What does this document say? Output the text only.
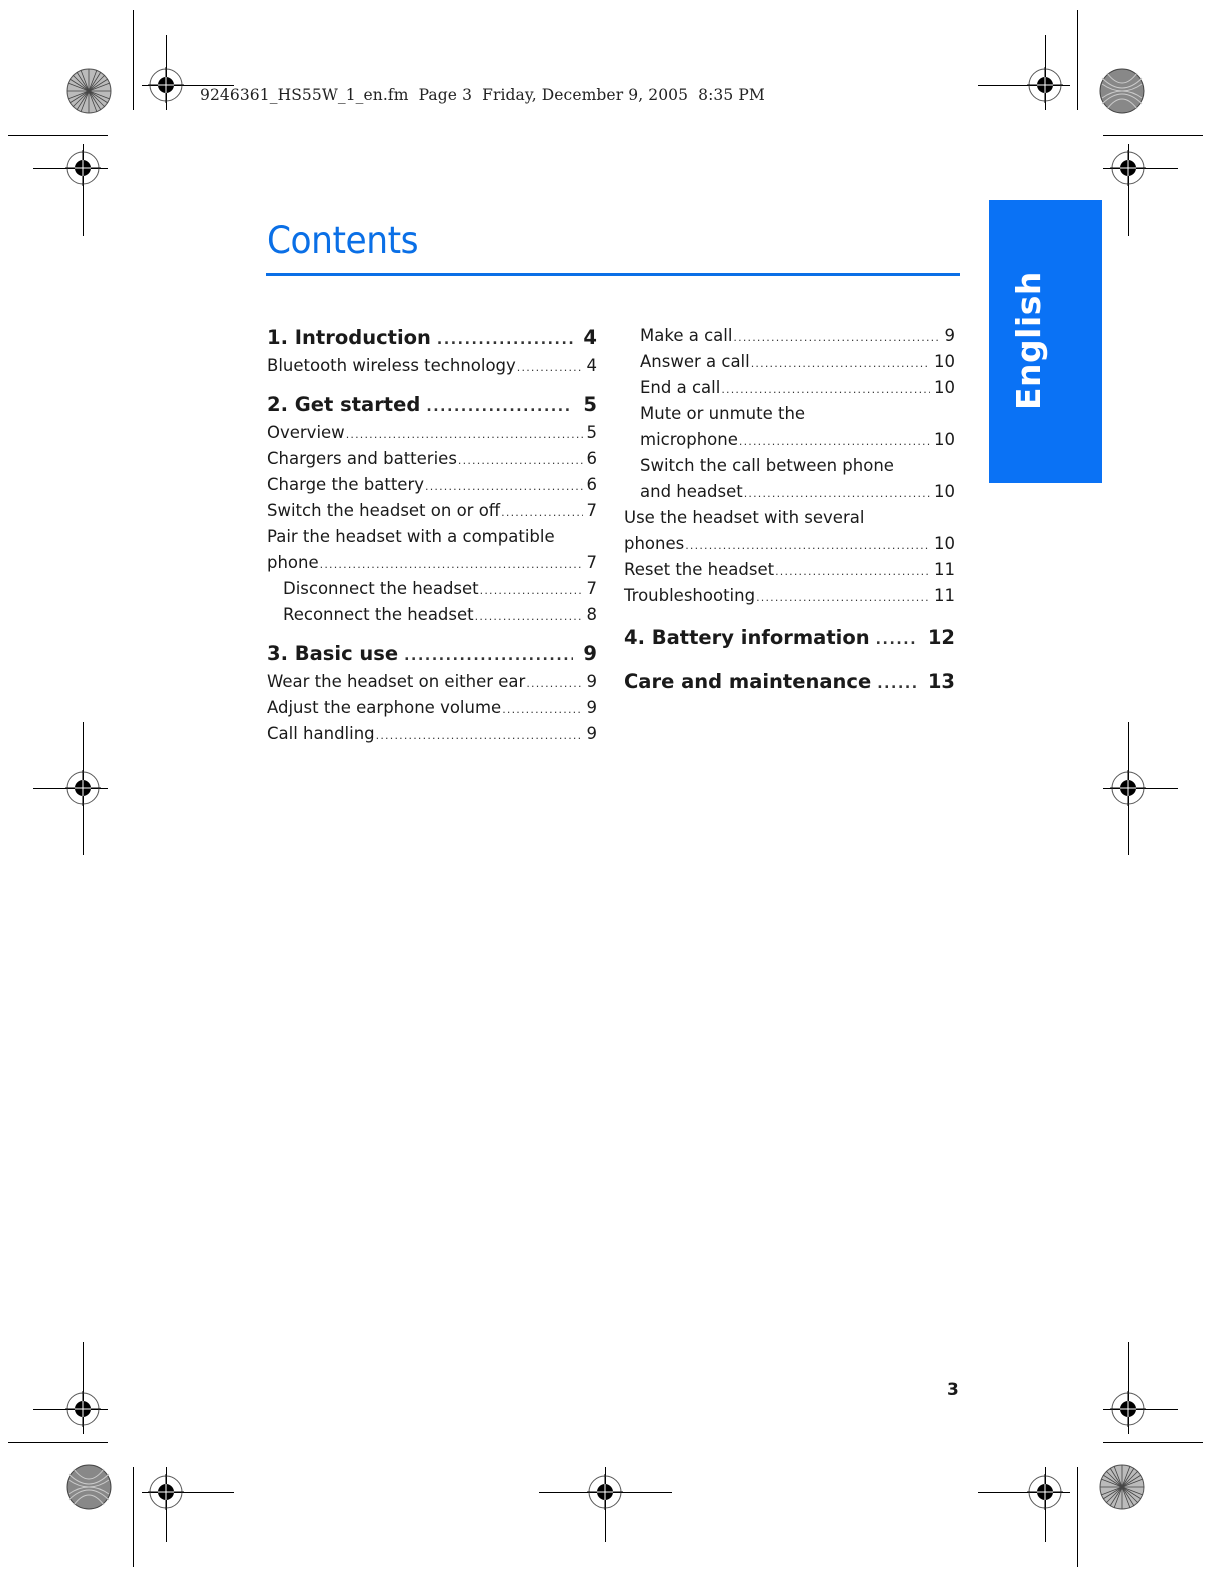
9246361_HS55W_1_en.fm  Page 3  Friday, December 9, 2005  8:35 PM
Contents
English
1. Introduction .....	4
Bluetooth wireless technology .....	4
2. Get started .....	5
Overview .....	5
Chargers and batteries .....	6
Charge the battery .....	6
Switch the headset on or off .....	7
Pair the headset with a compatible
phone .....	7
Disconnect the headset .....	7
Reconnect the headset .....	8
3. Basic use .....	9
Wear the headset on either ear .....	9
Adjust the earphone volume .....	9
Call handling .....	9
Make a call .....	9
Answer a call .....	10
End a call .....	10
Mute or unmute the
microphone .....	10
Switch the call between phone
and headset .....	10
Use the headset with several
phones .....	10
Reset the headset .....	11
Troubleshooting .....	11
4. Battery information .....	12
Care and maintenance .....	13
3
